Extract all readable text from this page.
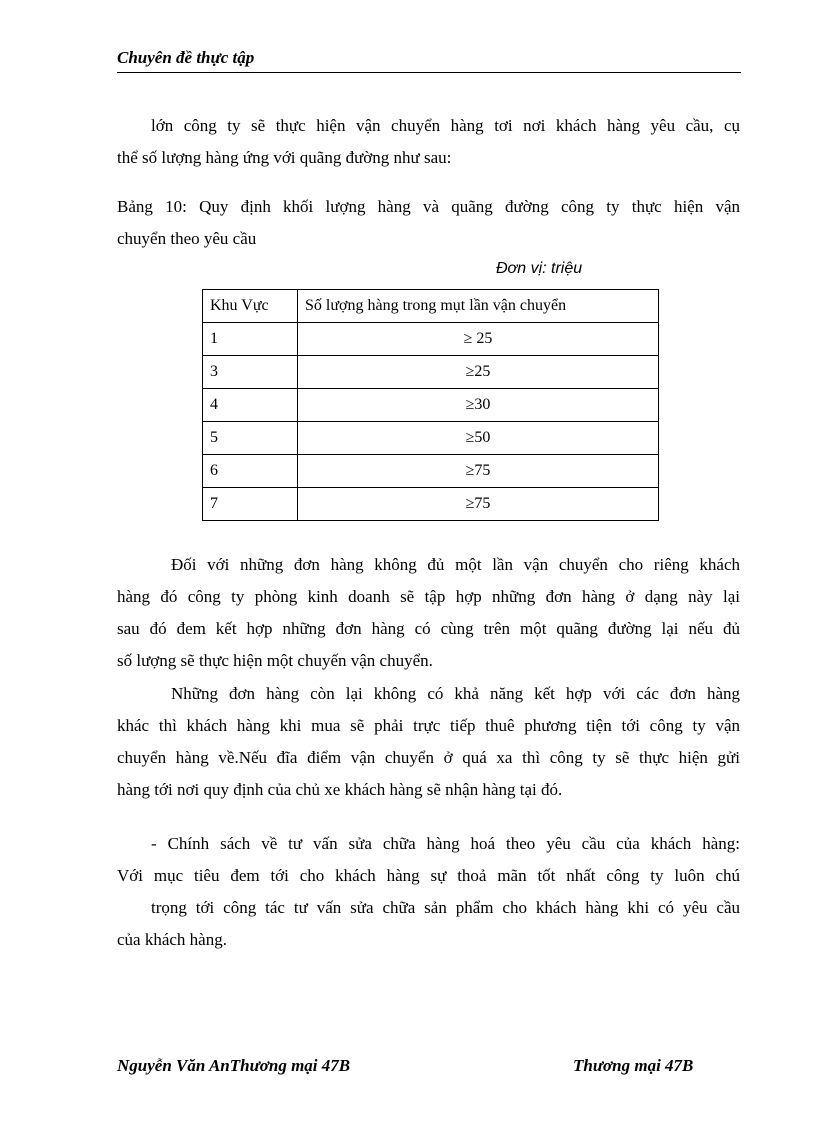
Chuyên đề thực tập
lớn công ty sẽ thực hiện vận chuyển hàng tơi nơi khách hàng yêu cầu, cụ
thể số lượng hàng ứng với quãng đường như sau:
Bảng 10: Quy định khối lượng hàng và quãng đường công ty thực hiện vận
chuyển theo yêu cầu
Đơn vị: triệu
Khu Vực	Số lượng hàng trong mụt lần vận chuyển
1	≥ 25
3	≥25
4	≥30
5	≥50
6	≥75
7	≥75
Đối với những đơn hàng không đủ một lần vận chuyển cho riêng khách
hàng đó công ty phòng kinh doanh sẽ tập hợp những đơn hàng ở dạng này lại
sau đó đem kết hợp những đơn hàng có cùng trên một quãng đường lại nếu đủ
số lượng sẽ thực hiện một chuyến vận chuyển.
Những đơn hàng còn lại không có khả năng kết hợp với các đơn hàng
khác thì khách hàng khi mua sẽ phải trực tiếp thuê phương tiện tới công ty vận
chuyển hàng về.Nếu đĩa điểm vận chuyển ở quá xa thì công ty sẽ thực hiện gửi
hàng tới nơi quy định của chủ xe khách hàng sẽ nhận hàng tại đó.
- Chính sách về tư vấn sửa chữa hàng hoá theo yêu cầu của khách hàng:
Với mục tiêu đem tới cho khách hàng sự thoả mãn tốt nhất công ty luôn chú
trọng tới công tác tư vấn sửa chữa sản phẩm cho khách hàng khi có yêu cầu
của khách hàng.
Nguyễn Văn AnThương mại 47B	Thương mại 47B
